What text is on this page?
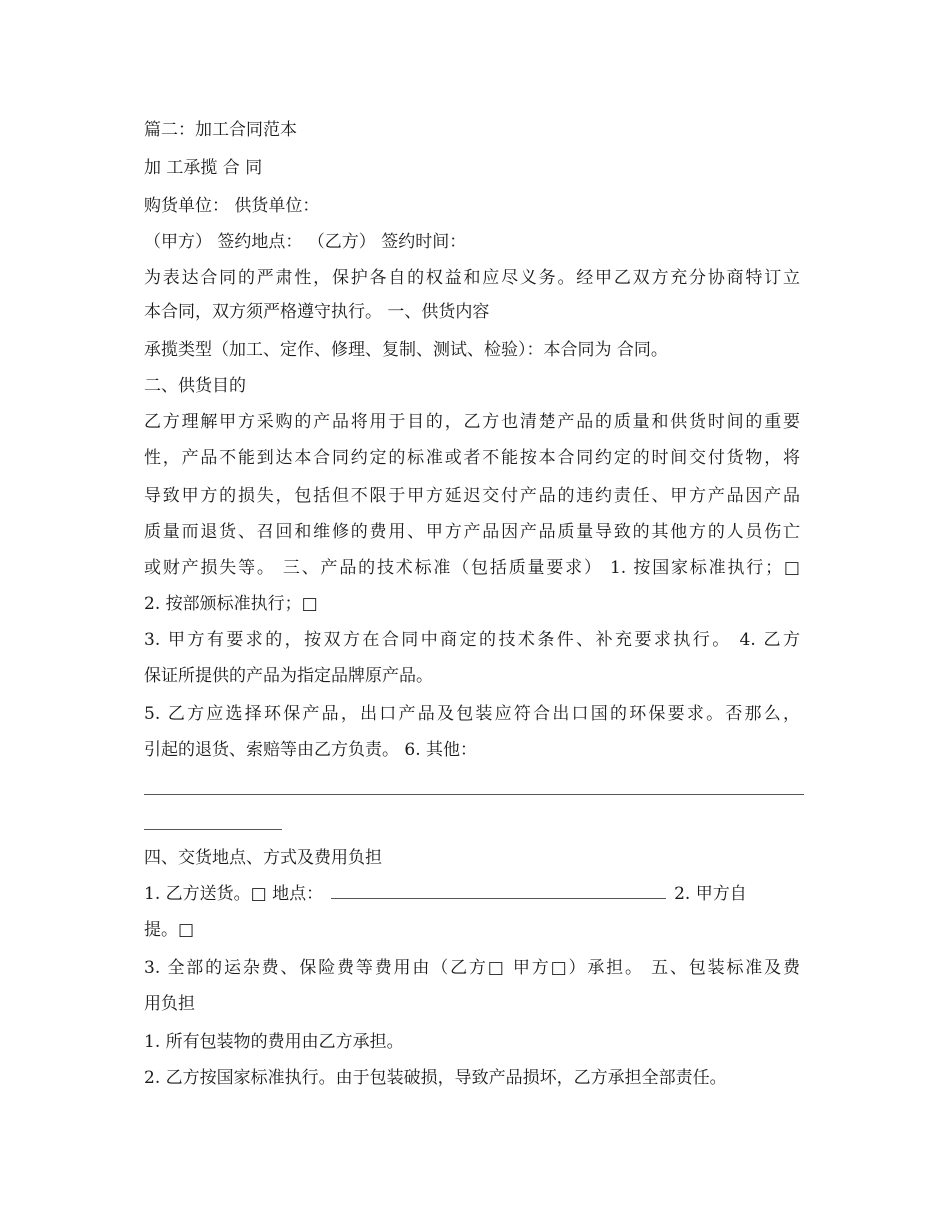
篇二：加工合同范本
加 工承揽 合 同
购货单位： 供货单位：
（甲方） 签约地点： （乙方） 签约时间：
为表达合同的严肃性，保护各自的权益和应尽义务。经甲乙双方充分协商特订立
本合同，双方须严格遵守执行。 一、供货内容
承揽类型（加工、定作、修理、复制、测试、检验）：本合同为 合同。
二、供货目的
乙方理解甲方采购的产品将用于目的，乙方也清楚产品的质量和供货时间的重要
性，产品不能到达本合同约定的标准或者不能按本合同约定的时间交付货物，将
导致甲方的损失，包括但不限于甲方延迟交付产品的违约责任、甲方产品因产品
质量而退货、召回和维修的费用、甲方产品因产品质量导致的其他方的人员伤亡
或财产损失等。 三、产品的技术标准（包括质量要求） 1. 按国家标准执行；□
2. 按部颁标准执行；□
3. 甲方有要求的，按双方在合同中商定的技术条件、补充要求执行。 4. 乙方
保证所提供的产品为指定品牌原产品。
5. 乙方应选择环保产品，出口产品及包装应符合出口国的环保要求。否那么，
引起的退货、索赔等由乙方负责。 6. 其他：
四、交货地点、方式及费用负担
1. 乙方送货。□ 地点：	2. 甲方自
提。□
3. 全部的运杂费、保险费等费用由（乙方□ 甲方□）承担。 五、包装标准及费
用负担
1. 所有包装物的费用由乙方承担。
2. 乙方按国家标准执行。由于包装破损，导致产品损坏，乙方承担全部责任。
